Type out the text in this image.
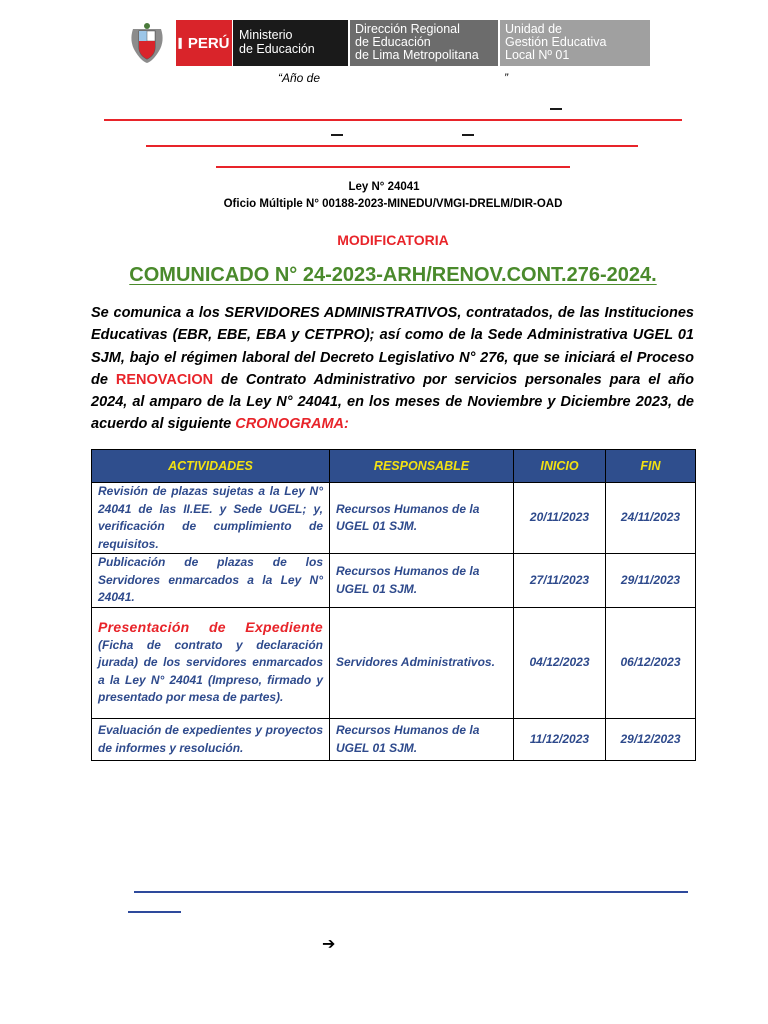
▌ PERÚ Ministerio
de Educación
Dirección Regional
de Educación
de Lima Metropolitana
Unidad de
Gestión Educativa
Local Nº 01
“Año de	”
Ley N° 24041
Oficio Múltiple N° 00188-2023-MINEDU/VMGI-DRELM/DIR-OAD
MODIFICATORIA
COMUNICADO N° 24-2023-ARH/RENOV.CONT.276-2024.
Se comunica a los SERVIDORES ADMINISTRATIVOS, contratados, de las Instituciones Educativas (EBR, EBE, EBA y CETPRO); así como de la Sede Administrativa UGEL 01 SJM, bajo el régimen laboral del Decreto Legislativo N° 276, que se iniciará el Proceso de RENOVACION de Contrato Administrativo por servicios personales para el año 2024, al amparo de la Ley N° 24041, en los meses de Noviembre y Diciembre 2023, de acuerdo al siguiente CRONOGRAMA:
ACTIVIDADES	RESPONSABLE	INICIO	FIN
Revisión de plazas sujetas a la Ley N° 24041 de las II.EE. y Sede UGEL; y, verificación de cumplimiento de requisitos.	Recursos Humanos de la UGEL 01 SJM.	20/11/2023	24/11/2023
Publicación de plazas de los Servidores enmarcados a la Ley N° 24041.	Recursos Humanos de la UGEL 01 SJM.	27/11/2023	29/11/2023

Presentación de Expediente
(Ficha de contrato y declaración jurada) de los servidores enmarcados a la Ley N° 24041 (Impreso, firmado y presentado por mesa de partes).	Servidores Administrativos.	04/12/2023	06/12/2023
Evaluación de expedientes y proyectos de informes y resolución.	Recursos Humanos de la UGEL 01 SJM.	11/12/2023	29/12/2023
➔
